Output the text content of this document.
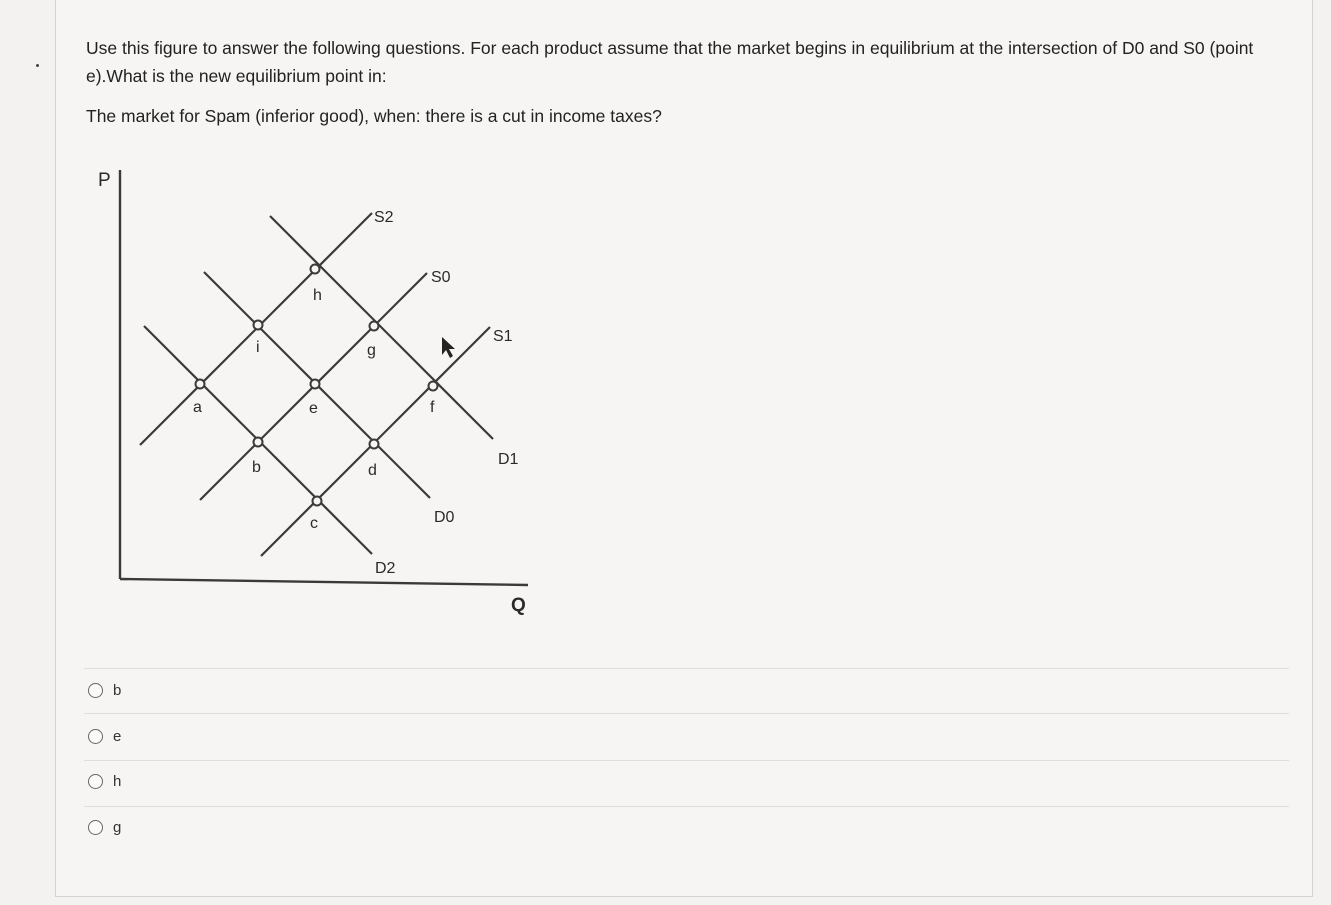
Use this figure to answer the following questions. For each product assume that the market begins in equilibrium at the intersection of D0 and S0 (point e).What is the new equilibrium point in:
The market for Spam (inferior good), when: there is a cut in income taxes?
P
Q
a
b
c
d
e	f
g
h
i
S2
S0
S1
D1
D0
D2
b
e
h
g
